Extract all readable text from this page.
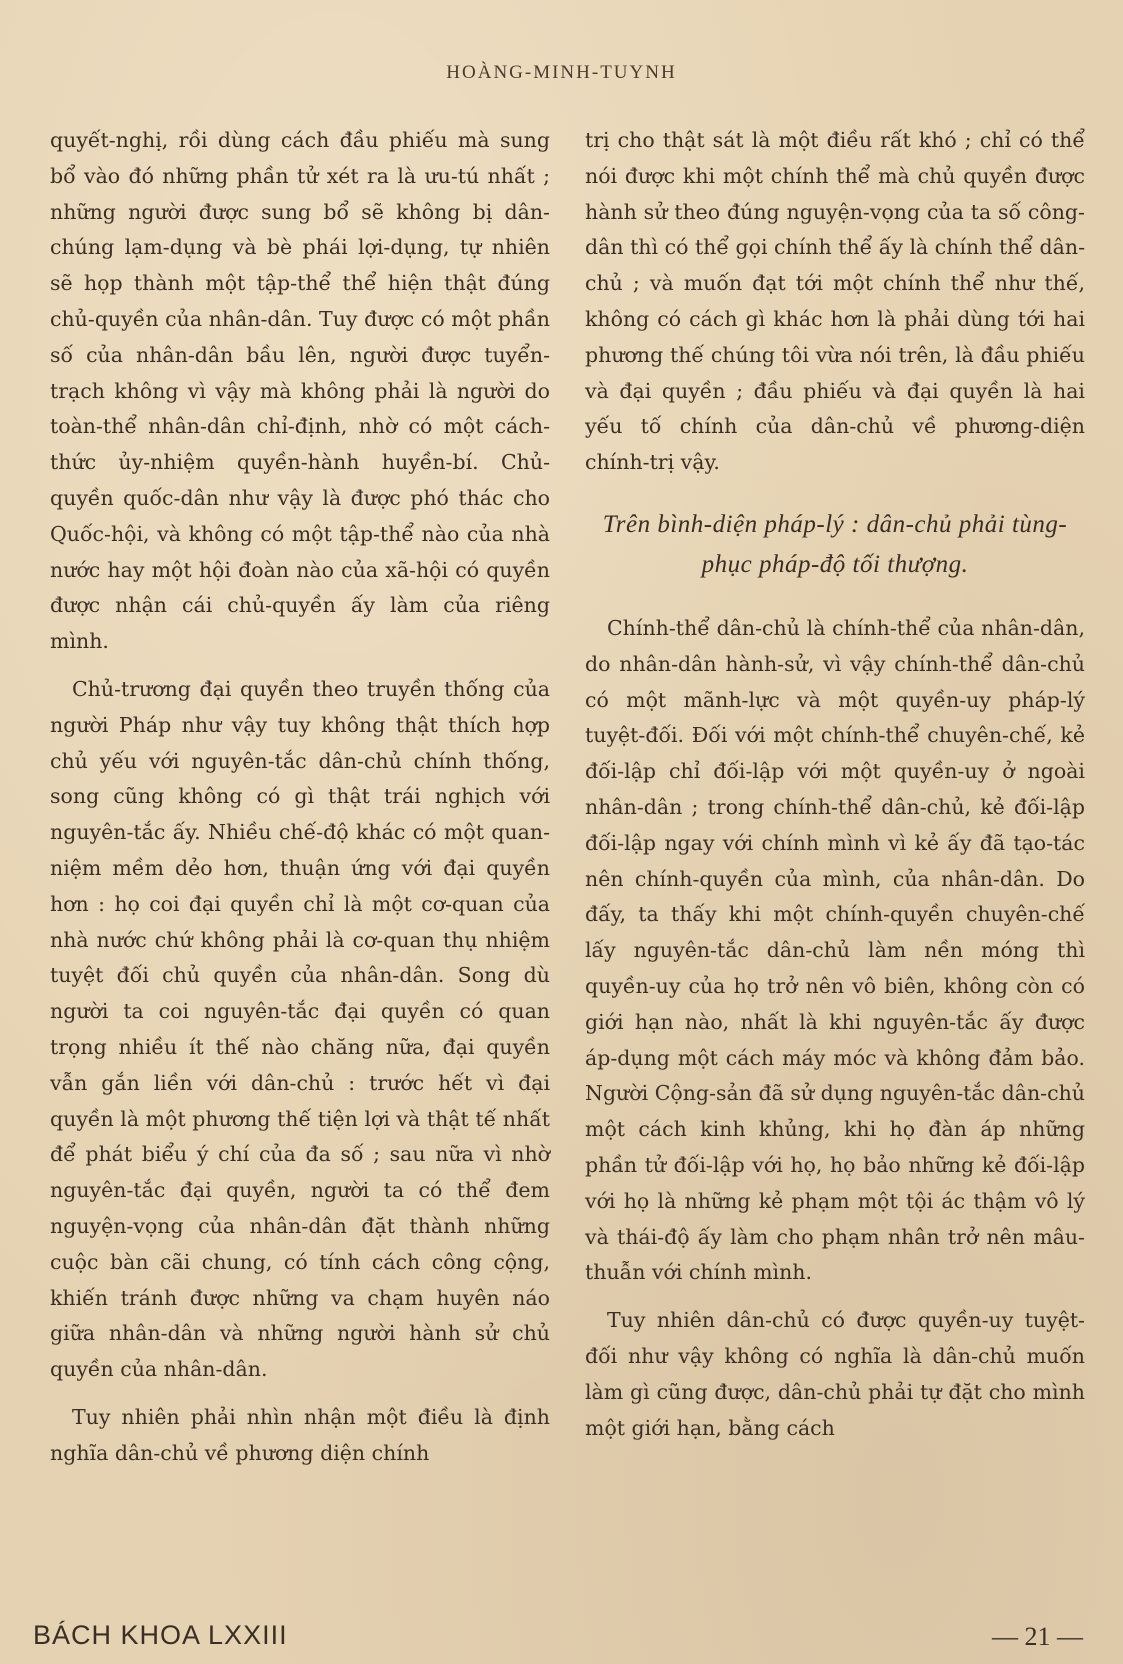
HOÀNG-MINH-TUYNH

quyết-nghị, rồi dùng cách đầu phiếu mà sung bổ vào đó những phần tử xét ra là ưu-tú nhất ; những người được sung bổ sẽ không bị dân-chúng lạm-dụng và bè phái lợi-dụng, tự nhiên sẽ họp thành một tập-thể thể hiện thật đúng chủ-quyền của nhân-dân. Tuy được có một phần số của nhân-dân bầu lên, người được tuyển-trạch không vì vậy mà không phải là người do toàn-thể nhân-dân chỉ-định, nhờ có một cách-thức ủy-nhiệm quyền-hành huyền-bí. Chủ-quyền quốc-dân như vậy là được phó thác cho Quốc-hội, và không có một tập-thể nào của nhà nước hay một hội đoàn nào của xã-hội có quyền được nhận cái chủ-quyền ấy làm của riêng mình.

Chủ-trương đại quyền theo truyền thống của người Pháp như vậy tuy không thật thích hợp chủ yếu với nguyên-tắc dân-chủ chính thống, song cũng không có gì thật trái nghịch với nguyên-tắc ấy. Nhiều chế-độ khác có một quan-niệm mềm dẻo hơn, thuận ứng với đại quyền hơn : họ coi đại quyền chỉ là một cơ-quan của nhà nước chứ không phải là cơ-quan thụ nhiệm tuyệt đối chủ quyền của nhân-dân. Song dù người ta coi nguyên-tắc đại quyền có quan trọng nhiều ít thế nào chăng nữa, đại quyền vẫn gắn liền với dân-chủ : trước hết vì đại quyền là một phương thế tiện lợi và thật tế nhất để phát biểu ý chí của đa số ; sau nữa vì nhờ nguyên-tắc đại quyền, người ta có thể đem nguyện-vọng của nhân-dân đặt thành những cuộc bàn cãi chung, có tính cách công cộng, khiến tránh được những va chạm huyên náo giữa nhân-dân và những người hành sử chủ quyền của nhân-dân.

Tuy nhiên phải nhìn nhận một điều là định nghĩa dân-chủ về phương diện chính

trị cho thật sát là một điều rất khó ; chỉ có thể nói được khi một chính thể mà chủ quyền được hành sử theo đúng nguyện-vọng của ta số công-dân thì có thể gọi chính thể ấy là chính thể dân-chủ ; và muốn đạt tới một chính thể như thế, không có cách gì khác hơn là phải dùng tới hai phương thế chúng tôi vừa nói trên, là đầu phiếu và đại quyền ; đầu phiếu và đại quyền là hai yếu tố chính của dân-chủ về phương-diện chính-trị vậy.

Trên bình-diện pháp-lý : dân-chủ phải tùng-phục pháp-độ tối thượng.

Chính-thể dân-chủ là chính-thể của nhân-dân, do nhân-dân hành-sử, vì vậy chính-thể dân-chủ có một mãnh-lực và một quyền-uy pháp-lý tuyệt-đối. Đối với một chính-thể chuyên-chế, kẻ đối-lập chỉ đối-lập với một quyền-uy ở ngoài nhân-dân ; trong chính-thể dân-chủ, kẻ đối-lập đối-lập ngay với chính mình vì kẻ ấy đã tạo-tác nên chính-quyền của mình, của nhân-dân. Do đấy, ta thấy khi một chính-quyền chuyên-chế lấy nguyên-tắc dân-chủ làm nền móng thì quyền-uy của họ trở nên vô biên, không còn có giới hạn nào, nhất là khi nguyên-tắc ấy được áp-dụng một cách máy móc và không đảm bảo. Người Cộng-sản đã sử dụng nguyên-tắc dân-chủ một cách kinh khủng, khi họ đàn áp những phần tử đối-lập với họ, họ bảo những kẻ đối-lập với họ là những kẻ phạm một tội ác thậm vô lý và thái-độ ấy làm cho phạm nhân trở nên mâu-thuẫn với chính mình.

Tuy nhiên dân-chủ có được quyền-uy tuyệt-đối như vậy không có nghĩa là dân-chủ muốn làm gì cũng được, dân-chủ phải tự đặt cho mình một giới hạn, bằng cách

BÁCH KHOA LXXIII	— 21 —
